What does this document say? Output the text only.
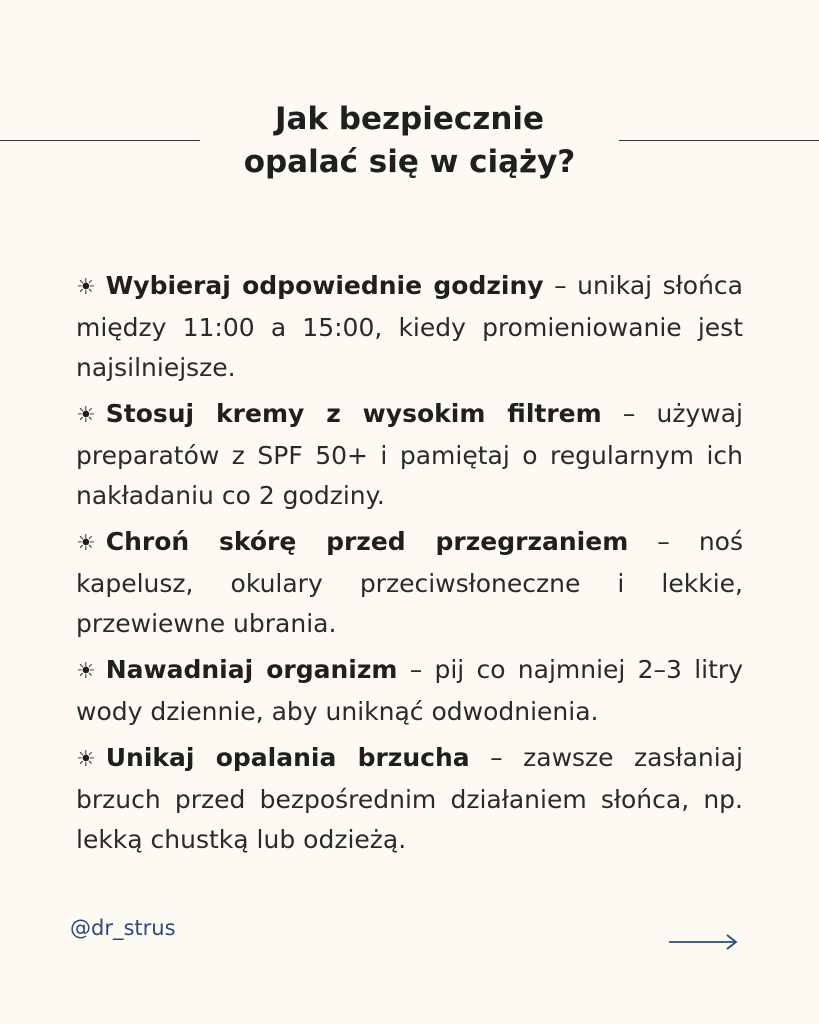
Jak bezpiecznie
opalać się w ciąży?

☀ Wybieraj odpowiednie godziny – unikaj słońca między 11:00 a 15:00, kiedy promieniowanie jest najsilniejsze.

☀ Stosuj kremy z wysokim filtrem – używaj preparatów z SPF 50+ i pamiętaj o regularnym ich nakładaniu co 2 godziny.

☀ Chroń skórę przed przegrzaniem – noś kapelusz, okulary przeciwsłoneczne i lekkie, przewiewne ubrania.

☀ Nawadniaj organizm – pij co najmniej 2–3 litry wody dziennie, aby uniknąć odwodnienia.

☀ Unikaj opalania brzucha – zawsze zasłaniaj brzuch przed bezpośrednim działaniem słońca, np. lekką chustką lub odzieżą.

@dr_strus
